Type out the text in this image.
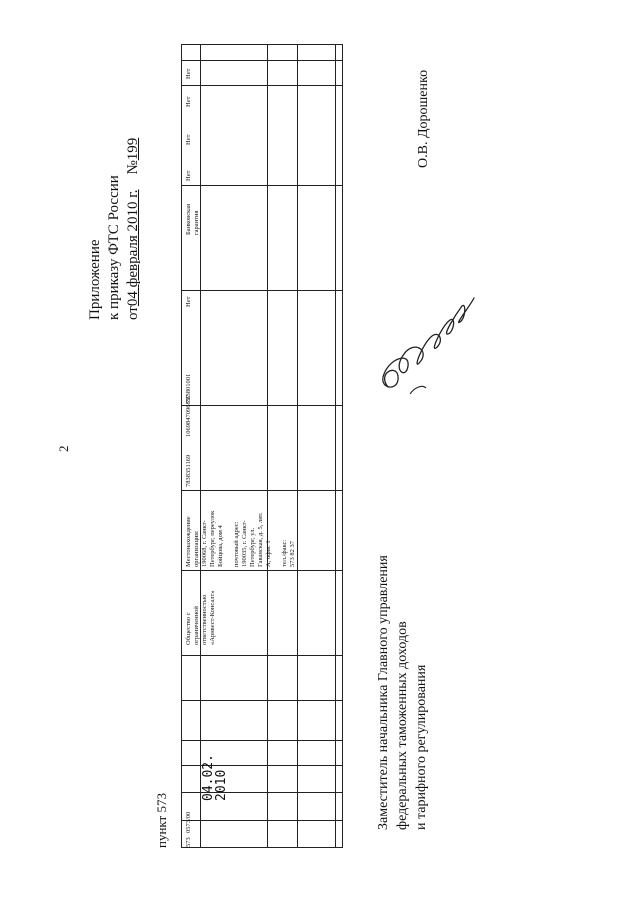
2
Приложение к приказу ФТС России от04 февраля 2010 г.    №199
пункт 573 573
0573/00
04.02.
2010
Общество с ограниченной ответственностью «Арнвест-Консалт»
Местонахождение организации: 190068, г. Санкт- Петербург, переулок Бойцова, дом 4
почтовый адрес: 190035, г. Санкт- Петербург, ул. Гаванская, д. 5, лит. А, офис 1
тел./факс: 573 82 37
7838351169
1069847096857
783801001
Нет
Банковская гарантия
Нет
Нет
Нет
Нет
Заместитель начальника Главного управления федеральных таможенных доходов и тарифного регулирования
О.В. Дорошенко
